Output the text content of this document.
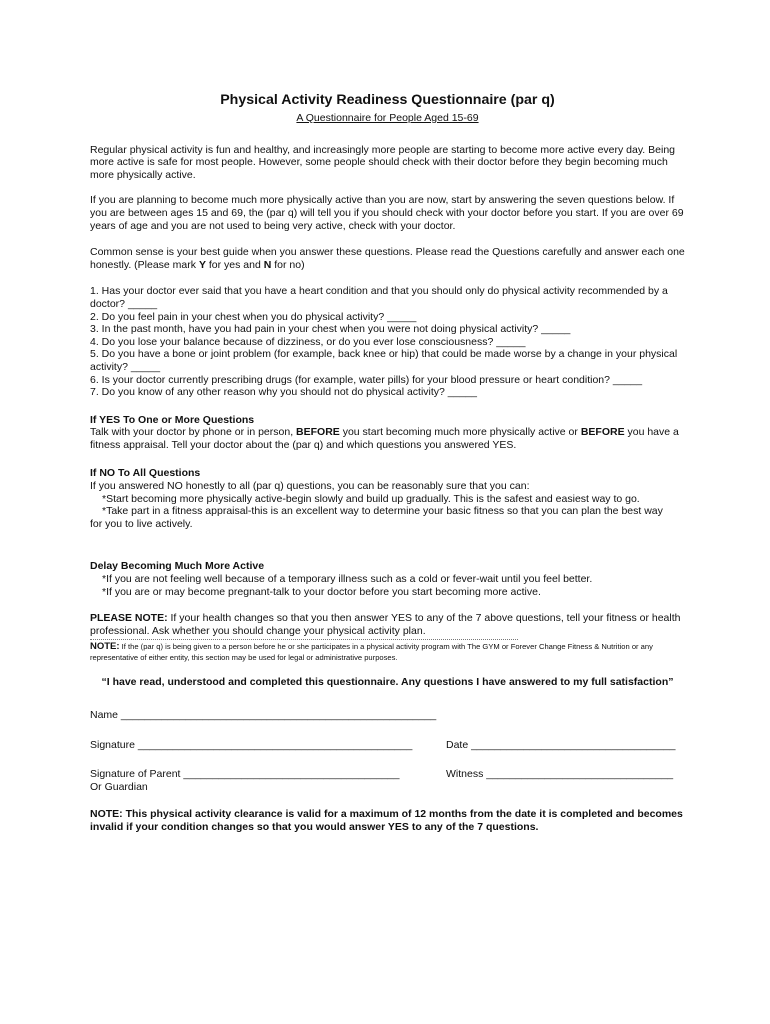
Physical Activity Readiness Questionnaire (par q)

A Questionnaire for People Aged 15-69

Regular physical activity is fun and healthy, and increasingly more people are starting to become more active every day. Being more active is safe for most people. However, some people should check with their doctor before they begin becoming much more physically active.

If you are planning to become much more physically active than you are now, start by answering the seven questions below. If you are between ages 15 and 69, the (par q) will tell you if you should check with your doctor before you start. If you are over 69 years of age and you are not used to being very active, check with your doctor.

Common sense is your best guide when you answer these questions. Please read the Questions carefully and answer each one honestly. (Please mark Y for yes and N for no)

1. Has your doctor ever said that you have a heart condition and that you should only do physical activity recommended by a doctor? _____

2. Do you feel pain in your chest when you do physical activity? _____

3. In the past month, have you had pain in your chest when you were not doing physical activity? _____

4. Do you lose your balance because of dizziness, or do you ever lose consciousness? _____

5. Do you have a bone or joint problem (for example, back knee or hip) that could be made worse by a change in your physical activity? _____

6. Is your doctor currently prescribing drugs (for example, water pills) for your blood pressure or heart condition? _____

7. Do you know of any other reason why you should not do physical activity? _____

If YES To One or More Questions

Talk with your doctor by phone or in person, BEFORE you start becoming much more physically active or BEFORE you have a fitness appraisal. Tell your doctor about the (par q) and which questions you answered YES.

If NO To All Questions

If you answered NO honestly to all (par q) questions, you can be reasonably sure that you can:

*Start becoming more physically active-begin slowly and build up gradually. This is the safest and easiest way to go.

*Take part in a fitness appraisal-this is an excellent way to determine your basic fitness so that you can plan the best way

for you to live actively.

Delay Becoming Much More Active

*If you are not feeling well because of a temporary illness such as a cold or fever-wait until you feel better.

*If you are or may become pregnant-talk to your doctor before you start becoming more active.

PLEASE NOTE: If your health changes so that you then answer YES to any of the 7 above questions, tell your fitness or health professional. Ask whether you should change your physical activity plan.

NOTE: If the (par q) is being given to a person before he or she participates in a physical activity program with The GYM or Forever Change Fitness & Nutrition or any representative of either entity, this section may be used for legal or administrative purposes.

“I have read, understood and completed this questionnaire. Any questions I have answered to my full satisfaction”

Name ______________________________________________________
Signature _______________________________________________	Date ___________________________________
Signature of Parent _____________________________________
Or Guardian
Witness ________________________________

NOTE: This physical activity clearance is valid for a maximum of 12 months from the date it is completed and becomes invalid if your condition changes so that you would answer YES to any of the 7 questions.
